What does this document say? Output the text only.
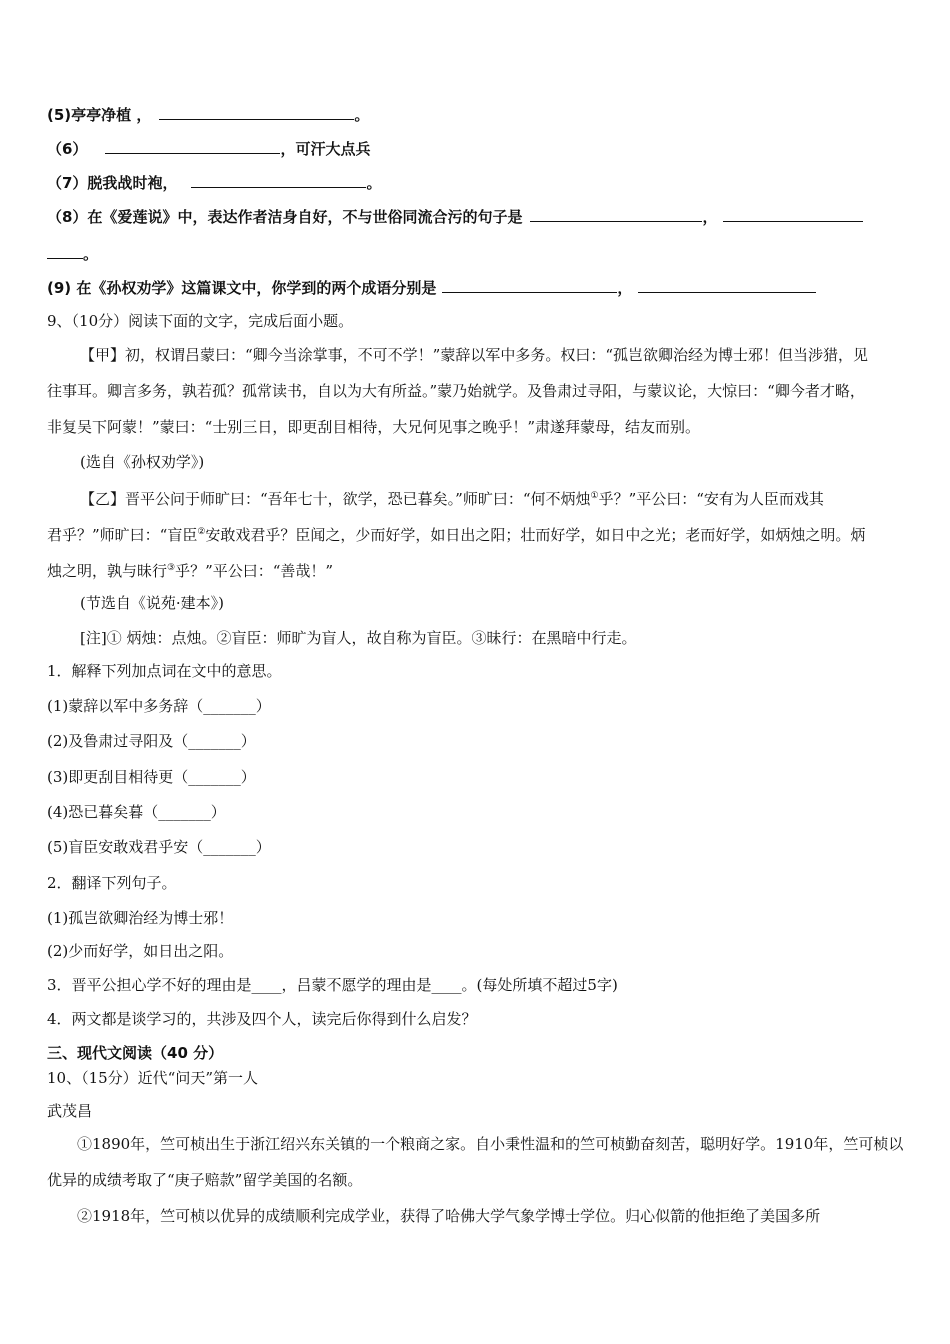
(5)亭亭净植 ，	。
（6）	，可汗大点兵
（7）脱我战时袍，	。
（8）在《爱莲说》中，表达作者洁身自好，不与世俗同流合污的句子是	，
。
(9) 在《孙权劝学》这篇课文中，你学到的两个成语分别是	，
9、（10分）阅读下面的文字，完成后面小题。
【甲】初，权谓吕蒙曰：“卿今当涂掌事，不可不学！”蒙辞以军中多务。权曰：“孤岂欲卿治经为博士邪！但当涉猎，见
往事耳。卿言多务，孰若孤？孤常读书，自以为大有所益。”蒙乃始就学。及鲁肃过寻阳，与蒙议论，大惊曰：“卿今者才略，
非复吴下阿蒙！”蒙曰：“士别三日，即更刮目相待，大兄何见事之晚乎！”肃遂拜蒙母，结友而别。
(选自《孙权劝学》)
【乙】晋平公问于师旷曰：“吾年七十，欲学，恐已暮矣。”师旷曰：“何不炳烛①乎？”平公曰：“安有为人臣而戏其
君乎？”师旷曰：“盲臣②安敢戏君乎？臣闻之，少而好学，如日出之阳；壮而好学，如日中之光；老而好学，如炳烛之明。炳
烛之明，孰与昧行③乎？”平公曰：“善哉！”
(节选自《说苑·建本》)
[注]① 炳烛：点烛。②盲臣：师旷为盲人，故自称为盲臣。③昧行：在黑暗中行走。
1．解释下列加点词在文中的意思。
(1)蒙辞以军中多务辞（_______）
(2)及鲁肃过寻阳及（_______）
(3)即更刮目相待更（_______）
(4)恐已暮矣暮（_______）
(5)盲臣安敢戏君乎安（_______）
2．翻译下列句子。
(1)孤岂欲卿治经为博士邪！
(2)少而好学，如日出之阳。
3．晋平公担心学不好的理由是____，吕蒙不愿学的理由是____。(每处所填不超过5字)
4．两文都是谈学习的，共涉及四个人，读完后你得到什么启发？
三、现代文阅读（40 分）
10、（15分）近代“问天”第一人
武茂昌
①1890年，竺可桢出生于浙江绍兴东关镇的一个粮商之家。自小秉性温和的竺可桢勤奋刻苦，聪明好学。1910年，竺可桢以优异的成绩考取了“庚子赔款”留学美国的名额。
②1918年，竺可桢以优异的成绩顺利完成学业，获得了哈佛大学气象学博士学位。归心似箭的他拒绝了美国多所
